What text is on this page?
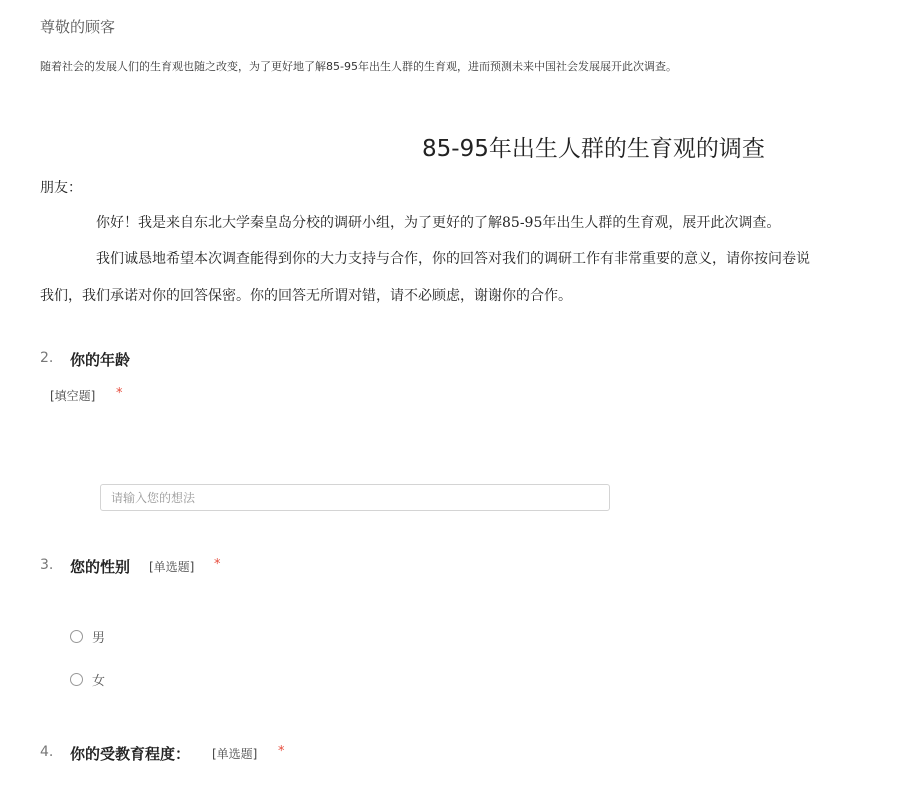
尊敬的顾客
随着社会的发展人们的生育观也随之改变，为了更好地了解85-95年出生人群的生育观，进而预测未来中国社会发展展开此次调查。
85-95年出生人群的生育观的调查
朋友：
你好！我是来自东北大学秦皇岛分校的调研小组，为了更好的了解85-95年出生人群的生育观，展开此次调查。
我们诚恳地希望本次调查能得到你的大力支持与合作，你的回答对我们的调研工作有非常重要的意义，请你按问卷说
我们，我们承诺对你的回答保密。你的回答无所谓对错，请不必顾虑，谢谢你的合作。
2. 你的年龄
[填空题] *
请输入您的想法
3. 您的性别 [单选题] *
男
女
4. 你的受教育程度： [单选题] *
